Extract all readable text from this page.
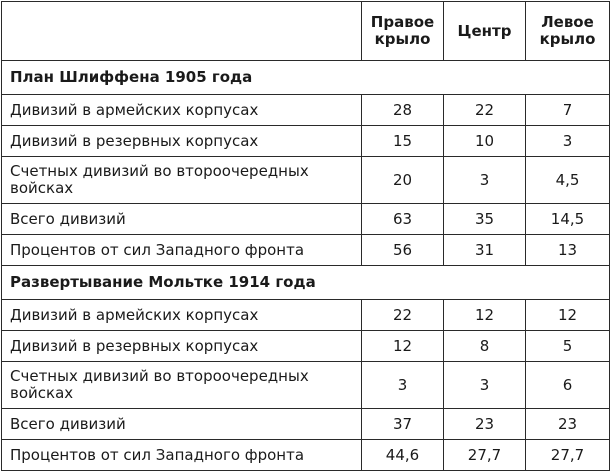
	Правое крыло	Центр	Левое крыло
План Шлиффена 1905 года			
Дивизий в армейских корпусах	28	22	7
Дивизий в резервных корпусах	15	10	3
Счетных дивизий во второочередных войсках	20	3	4,5
Всего дивизий	63	35	14,5
Процентов от сил Западного фронта	56	31	13
Развертывание Мольтке 1914 года			
Дивизий в армейских корпусах	22	12	12
Дивизий в резервных корпусах	12	8	5
Счетных дивизий во второочередных войсках	3	3	6
Всего дивизий	37	23	23
Процентов от сил Западного фронта	44,6	27,7	27,7
